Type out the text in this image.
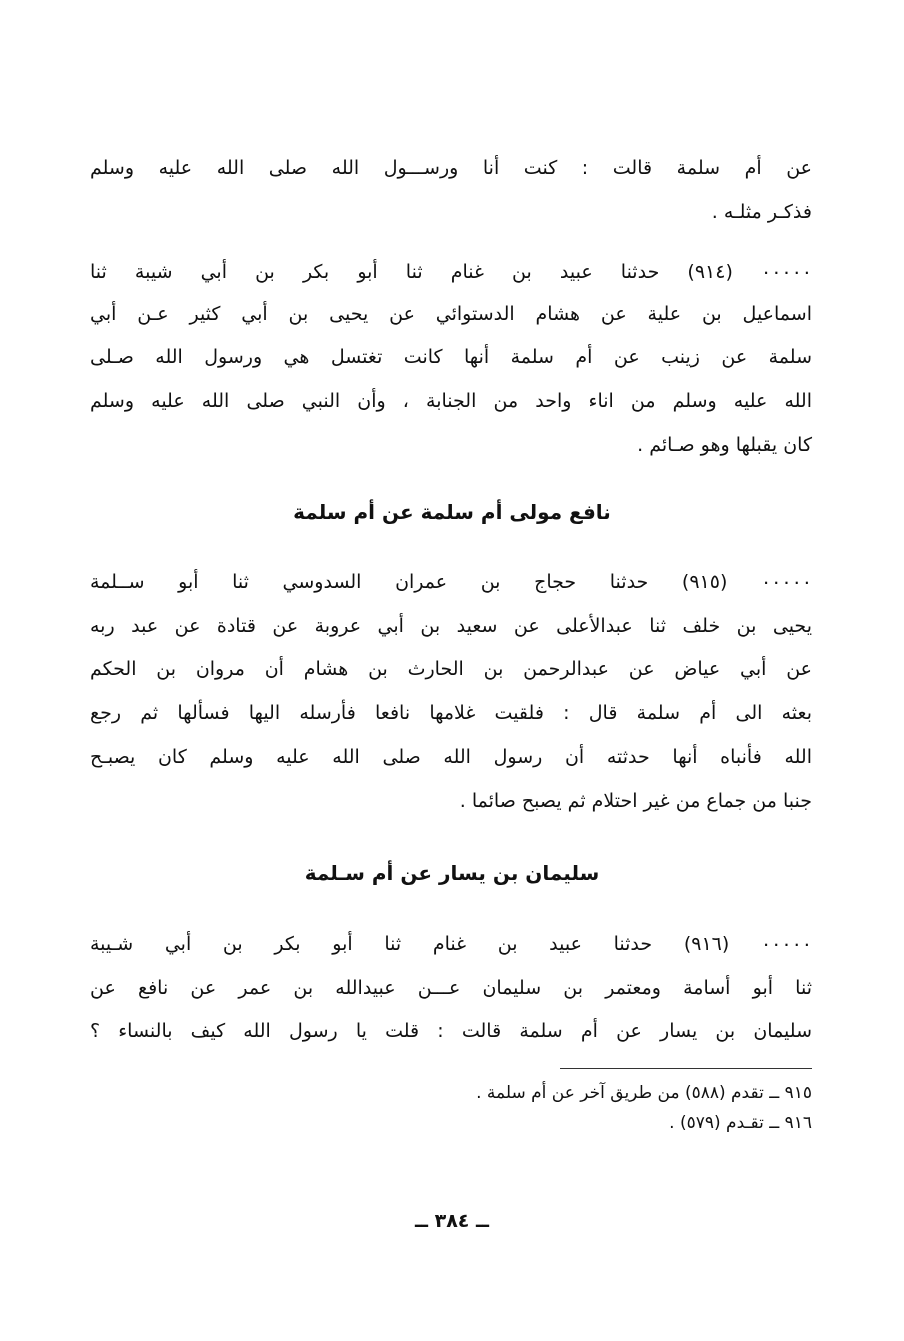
عن أم سلمة قالت : كنت أنا ورســـول الله صلى الله عليه وسلم
فذكـر مثلـه .
٠٠٠٠٠ (٩١٤) حدثنا عبيد بن غنام ثنا أبو بكر بن أبي شيبة ثنا
اسماعيل بن علية عن هشام الدستوائي عن يحيى بن أبي كثير عـن أبي
سلمة عن زينب عن أم سلمة أنها كانت تغتسل هي ورسول الله صـلى
الله عليه وسلم من اناء واحد من الجنابة ، وأن النبي صلى الله عليه وسلم
كان يقبلها وهو صـائم .
نافع مولى أم سلمة عن أم سلمة
٠٠٠٠٠ (٩١٥) حدثنا حجاج بن عمران السدوسي ثنا أبو ســلمة
يحيى بن خلف ثنا عبدالأعلى عن سعيد بن أبي عروبة عن قتادة عن عبد ربه
عن أبي عياض عن عبدالرحمن بن الحارث بن هشام أن مروان بن الحكم
بعثه الى أم سلمة قال : فلقيت غلامها نافعا فأرسله اليها فسألها ثم رجع
الله فأنباه أنها حدثته أن رسول الله صلى الله عليه وسلم كان يصبـح
جنبا من جماع من غير احتلام ثم يصبح صائما .
سليمان بن يسار عن أم سـلمة
٠٠٠٠٠ (٩١٦) حدثنا عبيد بن غنام ثنا أبو بكر بن أبي شـيبة
ثنا أبو أسامة ومعتمر بن سليمان عـــن عبيدالله بن عمر عن نافع عن
سليمان بن يسار عن أم سلمة قالت : قلت يا رسول الله كيف بالنساء ؟
٩١٥ ــ تقدم (٥٨٨) من طريق آخر عن أم سلمة .
٩١٦ ــ تقـدم (٥٧٩) .
ــ ٣٨٤ ــ
